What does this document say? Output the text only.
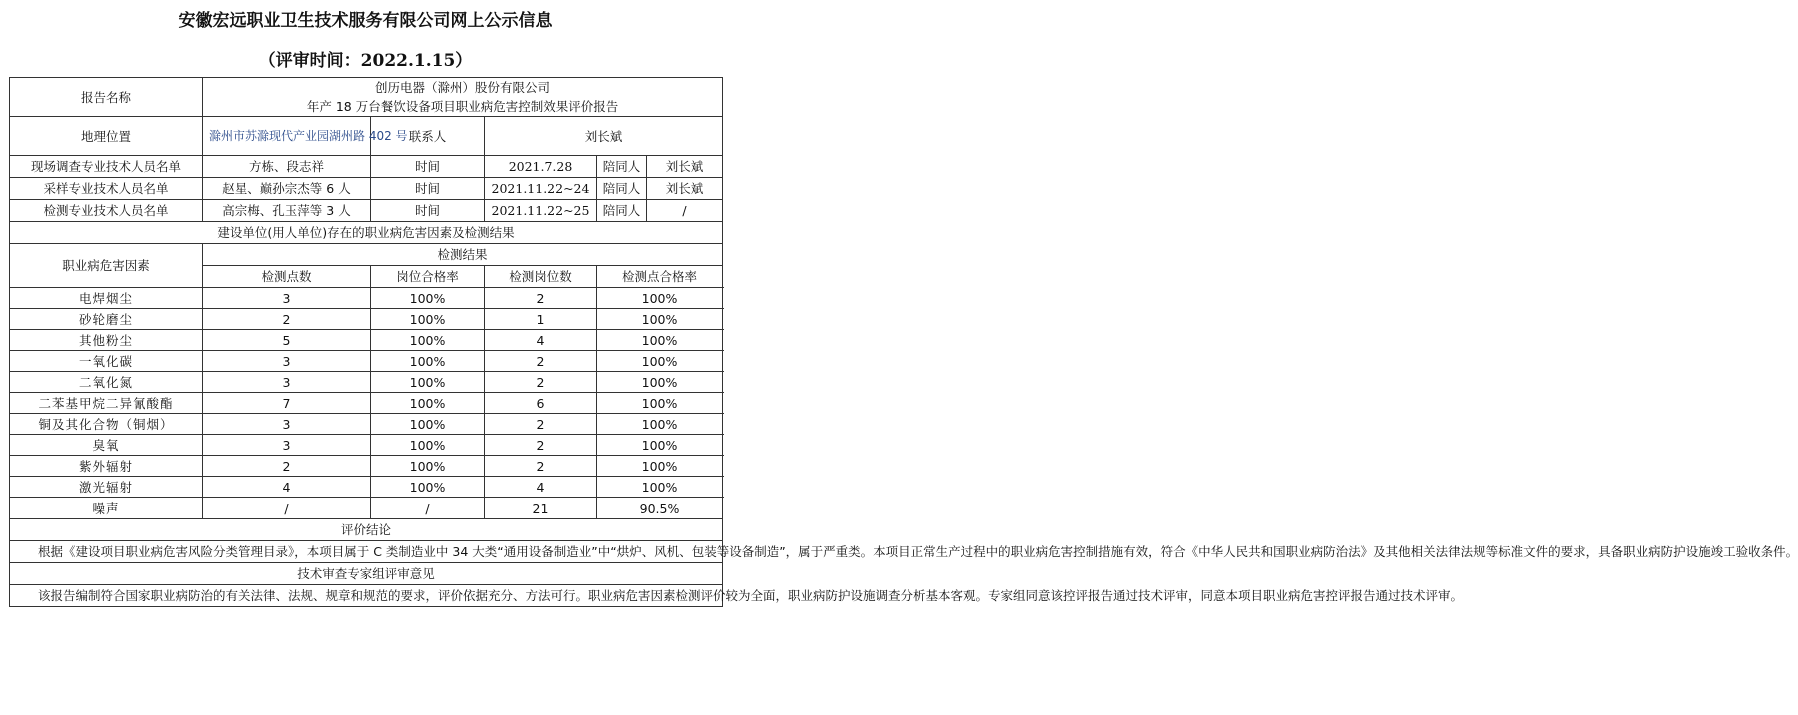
安徽宏远职业卫生技术服务有限公司网上公示信息
（评审时间：2022.1.15）
报告名称	创历电器（滁州）股份有限公司
年产 18 万台餐饮设备项目职业病危害控制效果评价报告				

地理位置	滁州市苏滁现代产业园湖州路 402 号	联系人	刘长斌		
现场调查专业技术人员名单	方栋、段志祥	时间	2021.7.28	陪同人	刘长斌
采样专业技术人员名单	赵星、巅孙宗杰等 6 人	时间	2021.11.22~24	陪同人	刘长斌
检测专业技术人员名单	高宗梅、孔玉萍等 3 人	时间	2021.11.22~25	陪同人	/
建设单位(用人单位)存在的职业病危害因素及检测结果					
职业病危害因素	检测结果				
	检测点数	岗位合格率	检测岗位数	检测点合格率	
电焊烟尘	3	100%	2	100%	
砂轮磨尘	2	100%	1	100%	
其他粉尘	5	100%	4	100%	
一氧化碳	3	100%	2	100%	
二氧化氮	3	100%	2	100%	
二苯基甲烷二异氰酸酯	7	100%	6	100%	
铜及其化合物（铜烟）	3	100%	2	100%	
臭氧	3	100%	2	100%	
紫外辐射	2	100%	2	100%	
激光辐射	4	100%	4	100%	
噪声	/	/	21	90.5%	
评价结论					
根据《建设项目职业病危害风险分类管理目录》，本项目属于 C 类制造业中 34 大类“通用设备制造业”中“烘炉、风机、包装等设备制造”，属于严重类。本项目正常生产过程中的职业病危害控制措施有效，符合《中华人民共和国职业病防治法》及其他相关法律法规等标准文件的要求，具备职业病防护设施竣工验收条件。					
技术审查专家组评审意见					
该报告编制符合国家职业病防治的有关法律、法规、规章和规范的要求，评价依据充分、方法可行。职业病危害因素检测评价较为全面，职业病防护设施调查分析基本客观。专家组同意该控评报告通过技术评审，同意本项目职业病危害控评报告通过技术评审。					
